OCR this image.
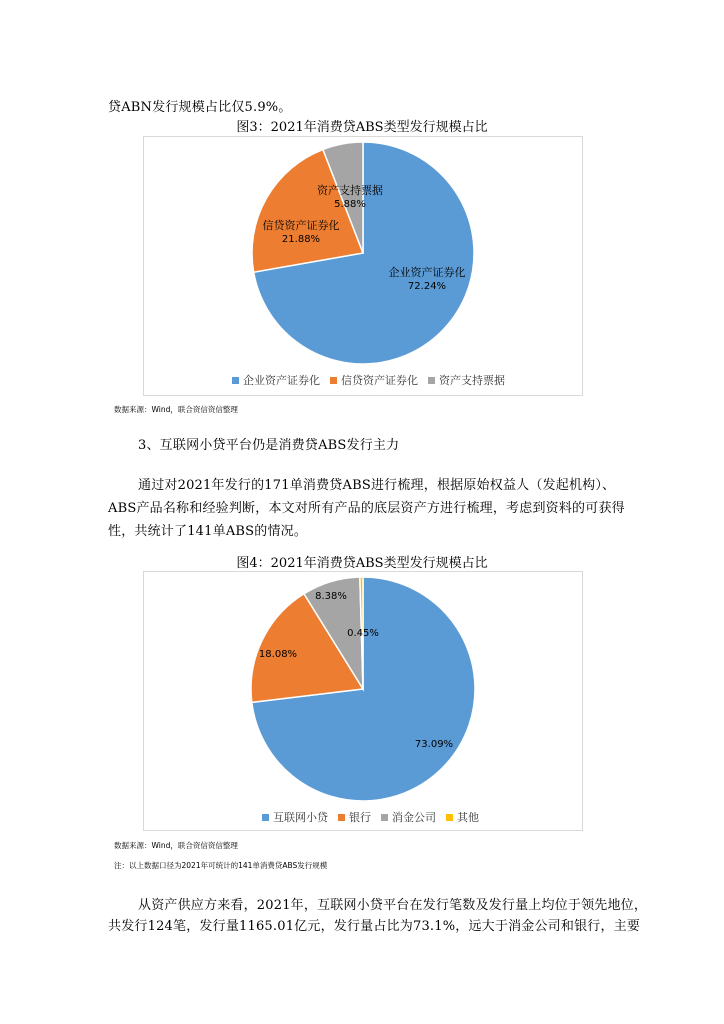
贷ABN发行规模占比仅5.9%。
图3：2021年消费贷ABS类型发行规模占比
企业资产证券化
72.24%
信贷资产证券化
21.88%
资产支持票据
5.88%
企业资产证券化 信贷资产证券化 资产支持票据
数据来源：Wind，联合资信资信整理
3、互联网小贷平台仍是消费贷ABS发行主力
通过对2021年发行的171单消费贷ABS进行梳理，根据原始权益人（发起机构）、
ABS产品名称和经验判断，本文对所有产品的底层资产方进行梳理，考虑到资料的可获得
性，共统计了141单ABS的情况。
图4：2021年消费贷ABS类型发行规模占比
73.09%
18.08%
8.38%
0.45%
互联网小贷 银行 消金公司 其他
数据来源：Wind，联合资信资信整理
注：以上数据口径为2021年可统计的141单消费贷ABS发行规模
从资产供应方来看，2021年，互联网小贷平台在发行笔数及发行量上均位于领先地位，
共发行124笔，发行量1165.01亿元，发行量占比为73.1%，远大于消金公司和银行，主要
